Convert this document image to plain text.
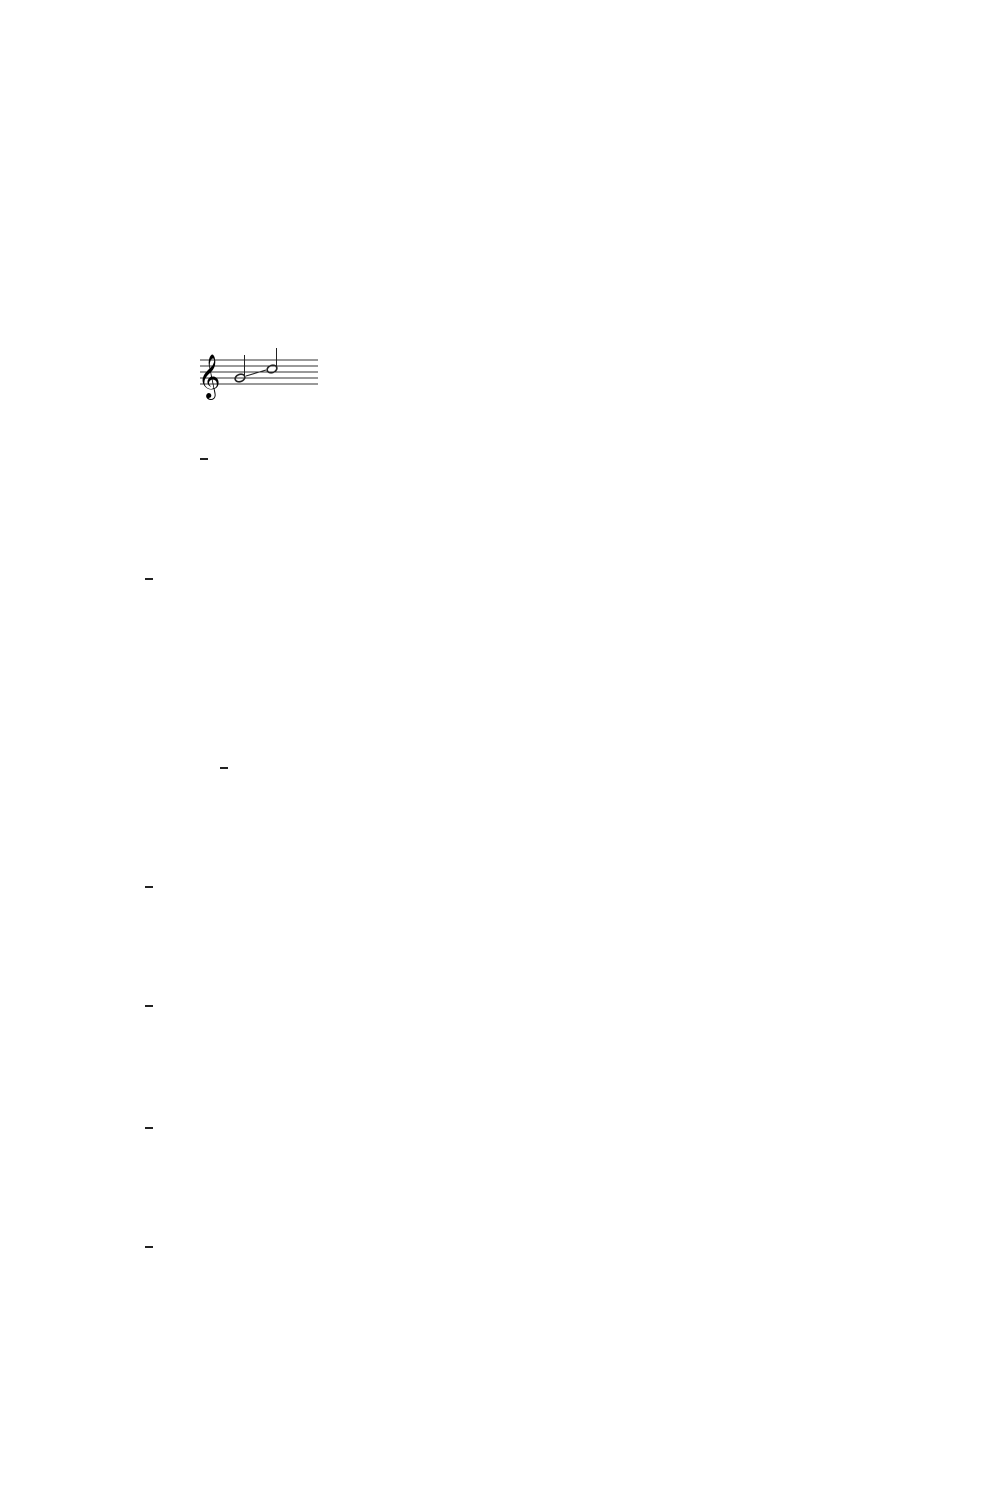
𝄞
